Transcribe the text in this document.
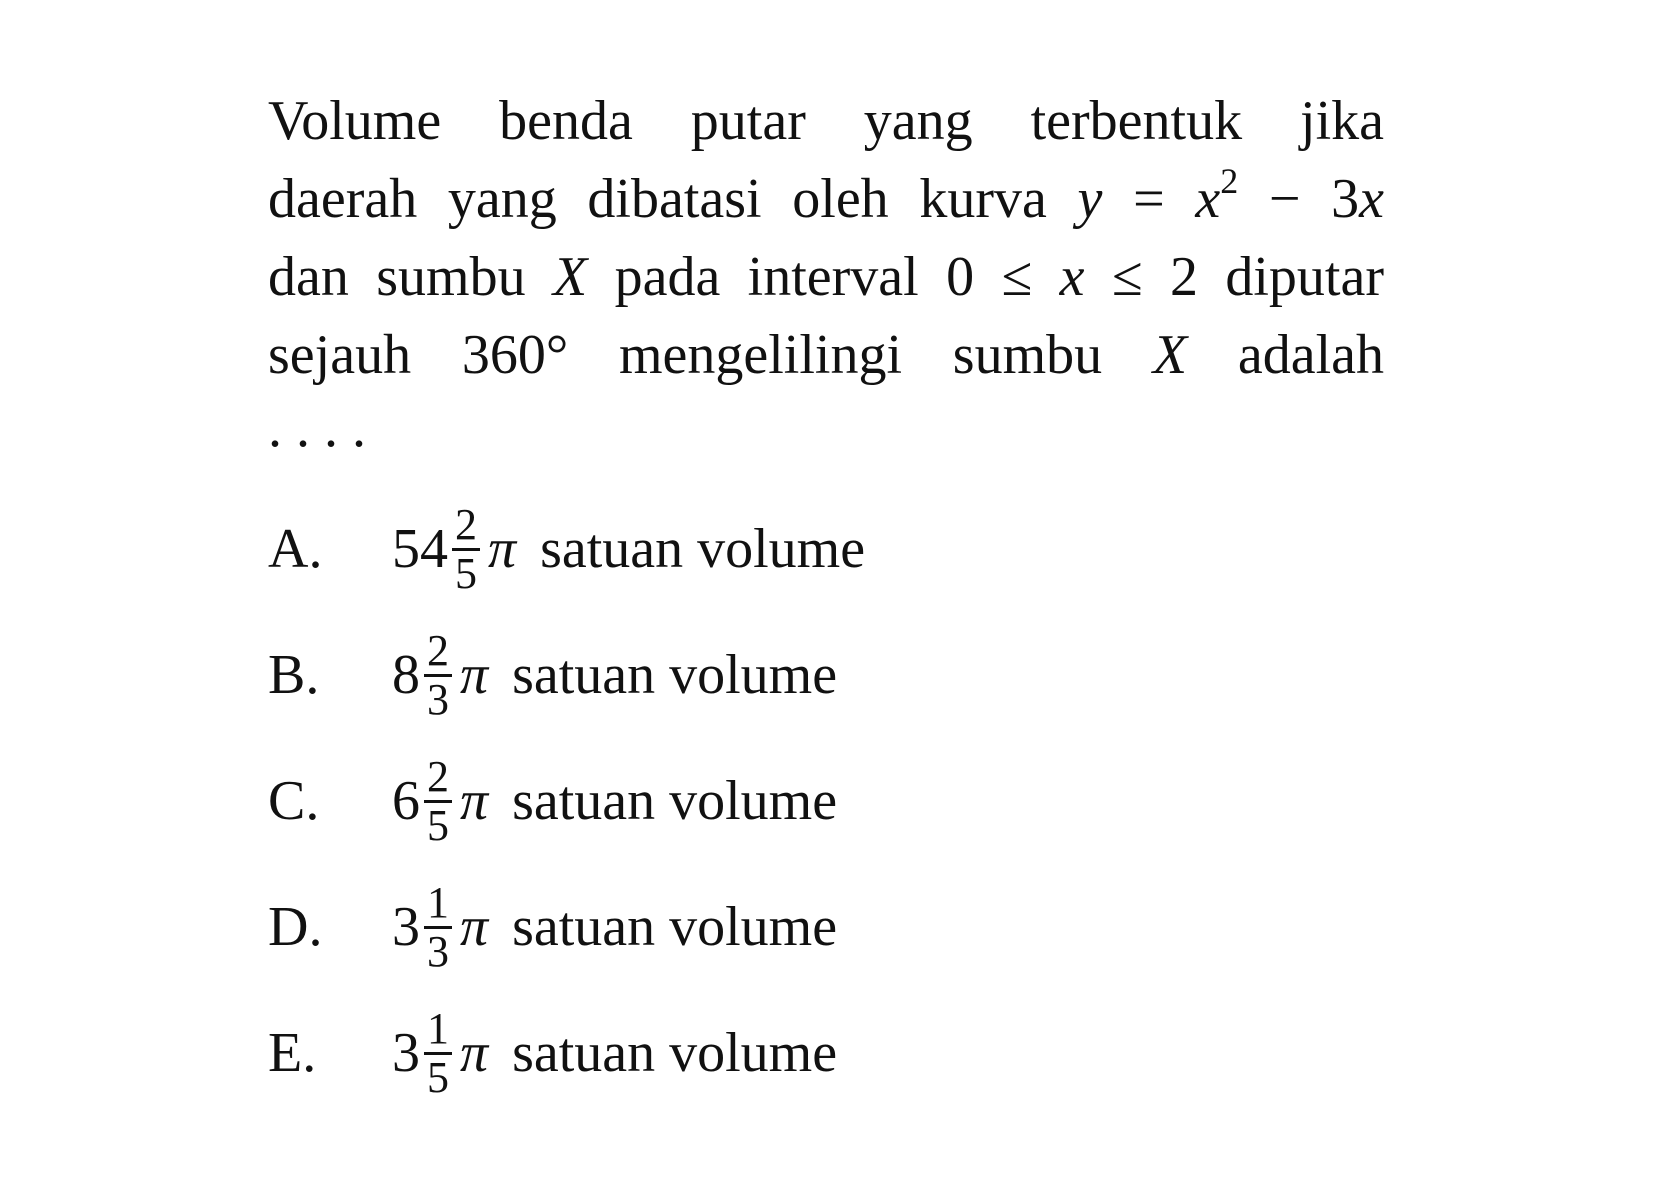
Volume benda putar yang terbentuk jika
daerah yang dibatasi oleh kurva $y = x^2 - 3x$
dan sumbu X pada interval 0 ≤ x ≤ 2 diputar
sejauh 360° mengelilingi sumbu X adalah
....
A.	$54 \frac{2}{5}$ π satuan volume
B.	$8 \frac{2}{3}$ π satuan volume
C.	$6 \frac{2}{5}$ π satuan volume
D.	$3 \frac{1}{3}$ π satuan volume
E.	$3 \frac{1}{5}$ π satuan volume
